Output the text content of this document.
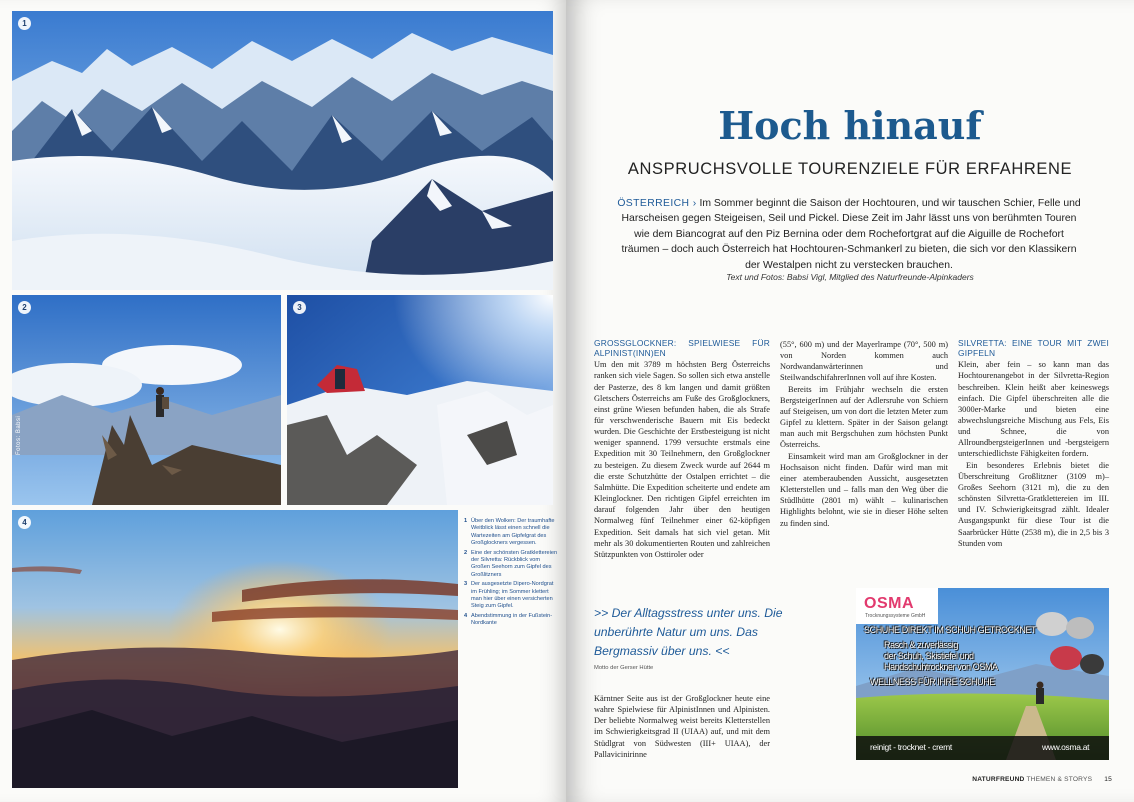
1
2
Fotos: Babsi
3
4	1 Über den Wolken: Der traumhafte Weitblick lässt einen schnell die Wartezeiten am Gipfelgrat des Großglockners vergessen.
2 Eine der schönsten Gratklettereien der Silvretta: Rückblick vom Großen Seehorn zum Gipfel des Großlitzners
3 Der ausgesetzte Dipero-Nordgrat im Frühling; im Sommer klettert man hier über einen versicherten Steig zum Gipfel.
4 Abendstimmung in der Fußstein-Nordkante
Hoch hinauf
ANSPRUCHSVOLLE TOURENZIELE FÜR ERFAHRENE

ÖSTERREICH › Im Sommer beginnt die Saison der Hochtouren, und wir tauschen Schier, Felle und Harscheisen gegen Steigeisen, Seil und Pickel. Diese Zeit im Jahr lässt uns von berühmten Touren wie dem Biancograt auf den Piz Bernina oder dem Rochefortgrat auf die Aiguille de Rochefort träumen – doch auch Österreich hat Hochtouren-Schmankerl zu bieten, die sich vor den Klassikern der Westalpen nicht zu verstecken brauchen.

Text und Fotos: Babsi Vigl, Mitglied des Naturfreunde-Alpinkaders
GROSSGLOCKNER: SPIELWIESE FÜR ALPINIST(INN)EN

Um den mit 3789 m höchsten Berg Österreichs ranken sich viele Sagen. So sollen sich etwa anstelle der Pasterze, des 8 km langen und damit größten Gletschers Österreichs am Fuße des Großglockners, einst grüne Wiesen befunden haben, die als Strafe für verschwenderische Bauern mit Eis bedeckt wurden. Die Geschichte der Erstbesteigung ist nicht weniger spannend. 1799 versuchte erstmals eine Expedition mit 30 Teilnehmern, den Großglockner zu besteigen. Zu diesem Zweck wurde auf 2644 m die erste Schutzhütte der Ostalpen errichtet – die Salmhütte. Die Expedition scheiterte und endete am Kleinglockner. Den richtigen Gipfel erreichten im darauf folgenden Jahr über den heutigen Normalweg fünf Teilnehmer einer 62-köpfigen Expedition. Seit damals hat sich viel getan. Mit mehr als 30 dokumentierten Routen und zahlreichen Stützpunkten von Osttiroler oder

>> Der Alltagsstress unter uns. Die unberührte Natur um uns. Das Bergmassiv über uns. <<
Motto der Gerser Hütte

Kärntner Seite aus ist der Großglockner heute eine wahre Spielwiese für AlpinistInnen und Alpinisten. Der beliebte Normalweg weist bereits Kletterstellen im Schwierigkeitsgrad II (UIAA) auf, und mit dem Stüdlgrat von Südwesten (III+ UIAA), der Pallavicinirinne

(55°, 600 m) und der Mayerlrampe (70°, 500 m) von Norden kommen auch Nordwandanwärterinnen und SteilwandschifahrerInnen voll auf ihre Kosten.

Bereits im Frühjahr wechseln die ersten BergsteigerInnen auf der Adlersruhe von Schiern auf Steigeisen, um von dort die letzten Meter zum Gipfel zu klettern. Später in der Saison gelangt man auch mit Bergschuhen zum höchsten Punkt Österreichs.

Einsamkeit wird man am Großglockner in der Hochsaison nicht finden. Dafür wird man mit einer atemberaubenden Aussicht, ausgesetzten Kletterstellen und – falls man den Weg über die Stüdlhütte (2801 m) wählt – kulinarischen Highlights belohnt, wie sie in dieser Höhe selten zu finden sind.

SILVRETTA: EINE TOUR MIT ZWEI GIPFELN

Klein, aber fein – so kann man das Hochtourenangebot in der Silvretta-Region beschreiben. Klein heißt aber keineswegs einfach. Die Gipfel überschreiten alle die 3000er-Marke und bieten eine abwechslungsreiche Mischung aus Fels, Eis und Schnee, die von AllroundbergsteigerInnen und -bergsteigern unterschiedlichste Fähigkeiten fordern.

Ein besonderes Erlebnis bietet die Überschreitung Großlitzner (3109 m)–Großes Seehorn (3121 m), die zu den schönsten Silvretta-Gratklettereien im III. und IV. Schwierigkeitsgrad zählt. Idealer Ausgangspunkt für diese Tour ist die Saarbrücker Hütte (2538 m), die in 2,5 bis 3 Stunden vom

OSMA
Trocknungssysteme GmbH
SCHUHE DIREKT IM SCHUH GETROCKNET
Rasch & zuverlässig
der Schuh, Skistiefel und
Handschuhtrockner von OSMA
WELLNESS FÜR IHRE SCHUHE
reinigt - trocknet - cremt	www.osma.at
NATURFREUND THEMEN & STORYS 15
